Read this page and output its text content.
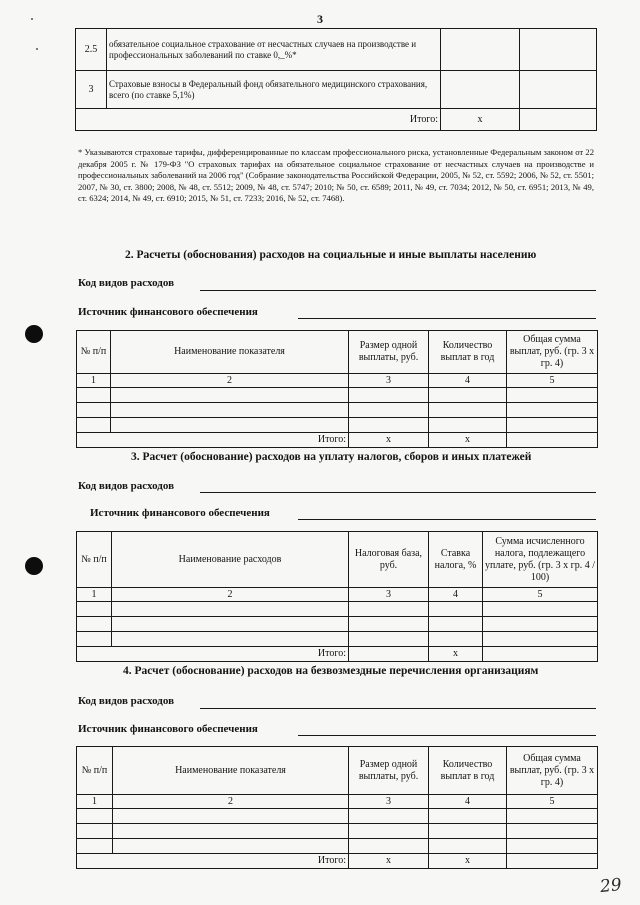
3
2.5	обязательное социальное страхование от несчастных случаев на производстве и профессиональных заболеваний по ставке 0,_%*		
3	Страховые взносы в Федеральный фонд обязательного медицинского страхования, всего (по ставке 5,1%)		
	Итого:	x	
* Указываются страховые тарифы, дифференцированные по классам профессионального риска, установленные Федеральным законом от 22 декабря 2005 г. № 179-ФЗ "О страховых тарифах на обязательное социальное страхование от несчастных случаев на производстве и профессиональных заболеваний на 2006 год" (Собрание законодательства Российской Федерации, 2005, № 52, ст. 5592; 2006, № 52, ст. 5501; 2007, № 30, ст. 3800; 2008, № 48, ст. 5512; 2009, № 48, ст. 5747; 2010; № 50, ст. 6589; 2011, № 49, ст. 7034; 2012, № 50, ст. 6951; 2013, № 49, ст. 6324; 2014, № 49, ст. 6910; 2015, № 51, ст. 7233; 2016, № 52, ст. 7468).
2. Расчеты (обоснования) расходов на социальные и иные выплаты населению
Код видов расходов
Источник финансового обеспечения
№ п/п	Наименование показателя	Размер одной выплаты, руб.	Количество выплат в год	Общая сумма выплат, руб. (гр. 3 х гр. 4)
1	2	3	4	5

	Итого:	х	х	
3. Расчет (обоснование) расходов на уплату налогов, сборов и иных платежей
Код видов расходов
Источник финансового обеспечения
№ п/п	Наименование расходов	Налоговая база, руб.	Ставка налога, %	Сумма исчисленного налога, подлежащего уплате, руб. (гр. 3 х гр. 4 / 100)
1	2	3	4	5

	Итого:		х	
4. Расчет (обоснование) расходов на безвозмездные перечисления организациям
Код видов расходов
Источник финансового обеспечения
№ п/п	Наименование показателя	Размер одной выплаты, руб.	Количество выплат в год	Общая сумма выплат, руб. (гр. 3 х гр. 4)
1	2	3	4	5

	Итого:	х	х	
29
